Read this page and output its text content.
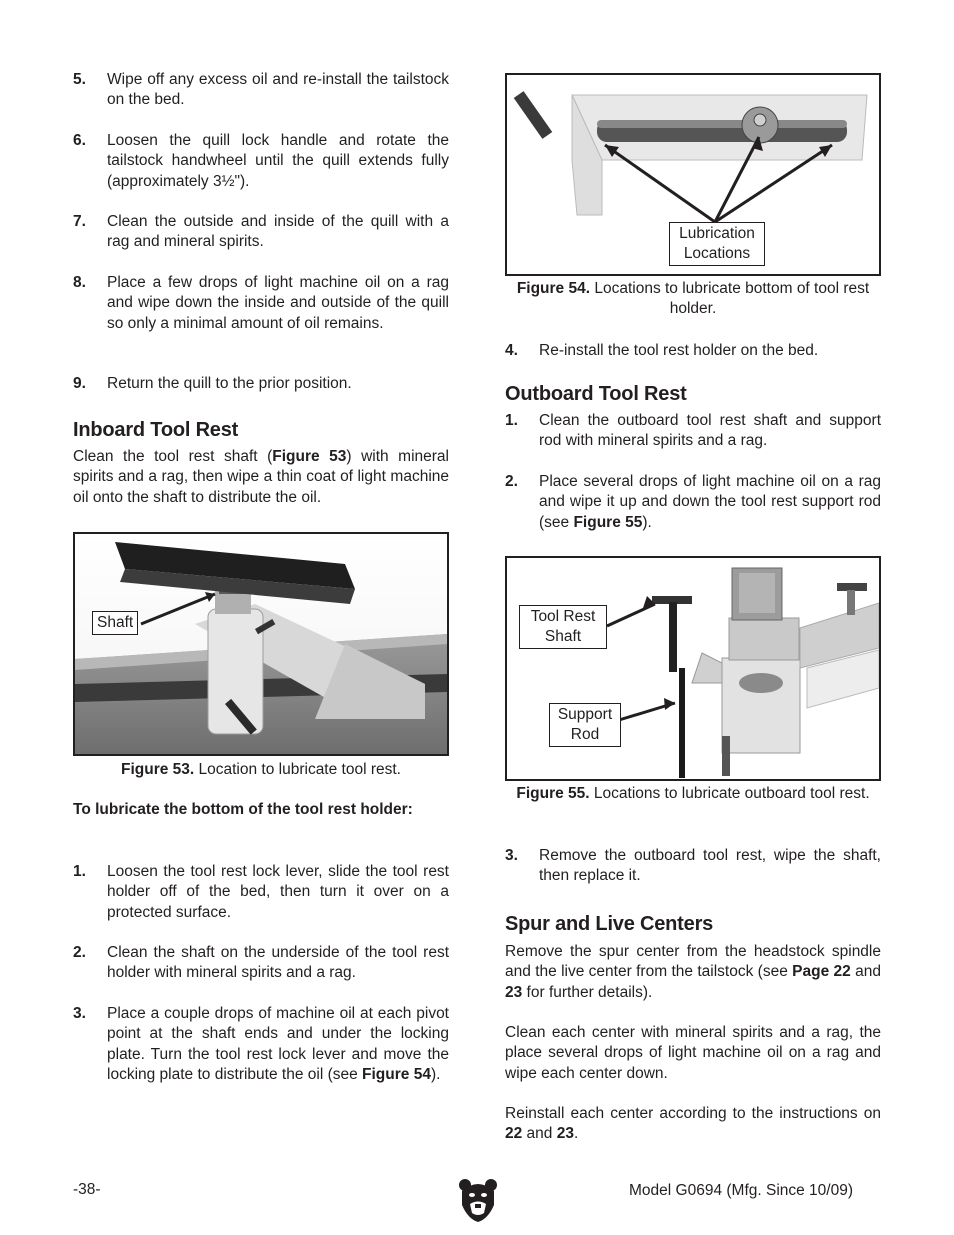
5. Wipe off any excess oil and re-install the tailstock on the bed.
6. Loosen the quill lock handle and rotate the tailstock handwheel until the quill extends fully (approximately 3½").
7. Clean the outside and inside of the quill with a rag and mineral spirits.
8. Place a few drops of light machine oil on a rag and wipe down the inside and outside of the quill so only a minimal amount of oil remains.
9. Return the quill to the prior position.
Inboard Tool Rest

Clean the tool rest shaft (Figure 53) with mineral spirits and a rag, then wipe a thin coat of light machine oil onto the shaft to distribute the oil.

Shaft
Figure 53. Location to lubricate tool rest.

To lubricate the bottom of the tool rest holder:

1. Loosen the tool rest lock lever, slide the tool rest holder off of the bed, then turn it over on a protected surface.
2. Clean the shaft on the underside of the tool rest holder with mineral spirits and a rag.
3. Place a couple drops of machine oil at each pivot point at the shaft ends and under the locking plate. Turn the tool rest lock lever and move the locking plate to distribute the oil (see Figure 54).
Lubrication
Locations
Figure 54. Locations to lubricate bottom of tool rest holder.
4. Re-install the tool rest holder on the bed.
Outboard Tool Rest
1. Clean the outboard tool rest shaft and support rod with mineral spirits and a rag.
2. Place several drops of light machine oil on a rag and wipe it up and down the tool rest support rod (see Figure 55).
Tool Rest
Shaft
Support
Rod
Figure 55. Locations to lubricate outboard tool rest.
3. Remove the outboard tool rest, wipe the shaft, then replace it.
Spur and Live Centers

Remove the spur center from the headstock spindle and the live center from the tailstock (see Page 22 and 23 for further details).

Clean each center with mineral spirits and a rag, the place several drops of light machine oil on a rag and wipe each center down.

Reinstall each center according to the instructions on 22 and 23.

-38-	Model G0694 (Mfg. Since 10/09)
